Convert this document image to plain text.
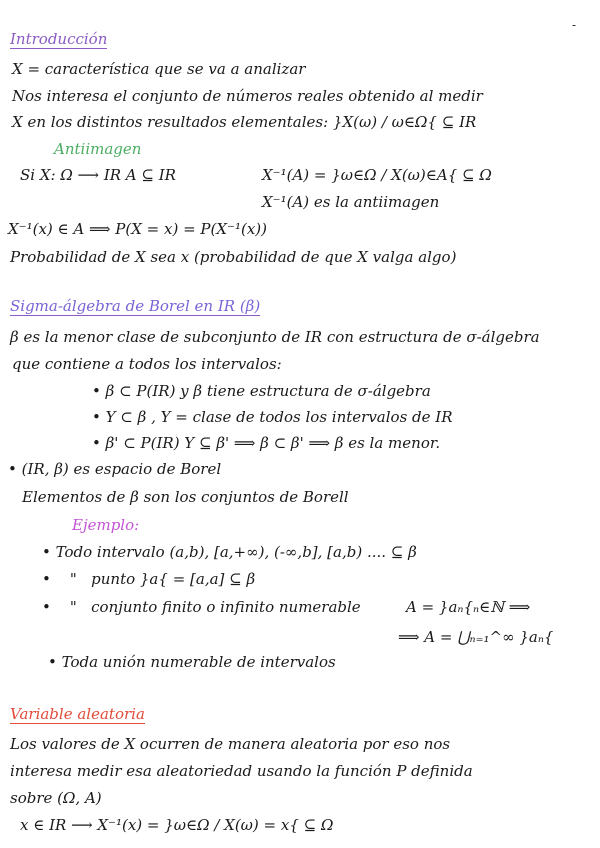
-
Introducción
X = característica que se va a analizar
Nos interesa el conjunto de números reales obtenido al medir
X en los distintos resultados elementales: }X(ω) / ω∈Ω{ ⊆ IR
Antiimagen
Si X: Ω ⟶ IR A ⊆ IR	X⁻¹(A) = }ω∈Ω / X(ω)∈A{ ⊆ Ω
X⁻¹(A) es la antiimagen
X⁻¹(x) ∈ A ⟹ P(X = x) = P(X⁻¹(x))
Probabilidad de X sea x (probabilidad de que X valga algo)
Sigma-álgebra de Borel en IR (β)
β es la menor clase de subconjunto de IR con estructura de σ-álgebra
que contiene a todos los intervalos:
• β ⊂ P(IR) y β tiene estructura de σ-álgebra
• Y ⊂ β , Y = clase de todos los intervalos de IR
• β' ⊂ P(IR) Y ⊆ β' ⟹ β ⊂ β' ⟹ β es la menor.
• (IR, β) es espacio de Borel
Elementos de β son los conjuntos de Borell
Ejemplo:
• Todo intervalo (a,b), [a,+∞), (-∞,b], [a,b) .... ⊆ β
•    " punto }a{ = [a,a] ⊆ β
•    " conjunto finito o infinito numerable	A = }aₙ{ₙ∈ℕ ⟹
⟹ A = ⋃ₙ₌₁^∞ }aₙ{
• Toda unión numerable de intervalos
Variable aleatoria
Los valores de X ocurren de manera aleatoria por eso nos
interesa medir esa aleatoriedad usando la función P definida
sobre (Ω, A)
x ∈ IR ⟶ X⁻¹(x) = }ω∈Ω / X(ω) = x{ ⊆ Ω
